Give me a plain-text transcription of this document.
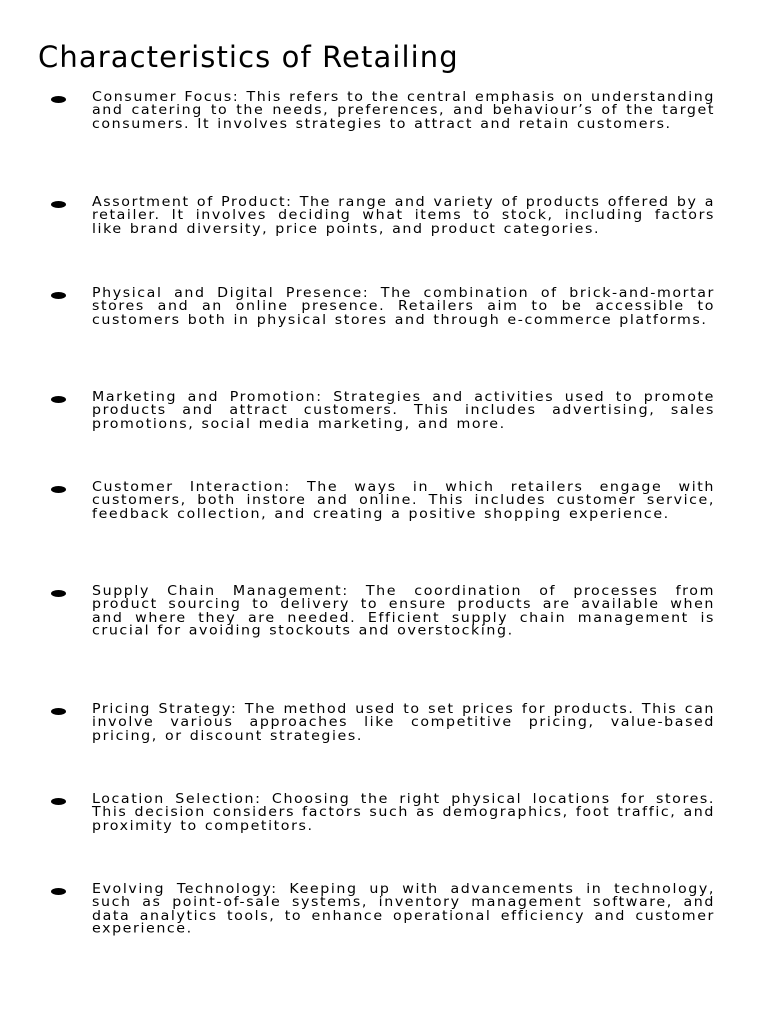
Characteristics of Retailing

Consumer Focus: This refers to the central emphasis on understanding and catering to the needs, preferences, and behaviour’s of the target consumers. It involves strategies to attract and retain customers.

Assortment of Product: The range and variety of products offered by a retailer. It involves deciding what items to stock, including factors like brand diversity, price points, and product categories.

Physical and Digital Presence: The combination of brick-and-mortar stores and an online presence. Retailers aim to be accessible to customers both in physical stores and through e-commerce platforms.

Marketing and Promotion: Strategies and activities used to promote products and attract customers. This includes advertising, sales promotions, social media marketing, and more.

Customer Interaction: The ways in which retailers engage with customers, both instore and online. This includes customer service, feedback collection, and creating a positive shopping experience.

Supply Chain Management: The coordination of processes from product sourcing to delivery to ensure products are available when and where they are needed. Efficient supply chain management is crucial for avoiding stockouts and overstocking.

Pricing Strategy: The method used to set prices for products. This can involve various approaches like competitive pricing, value-based pricing, or discount strategies.

Location Selection: Choosing the right physical locations for stores. This decision considers factors such as demographics, foot traffic, and proximity to competitors.

Evolving Technology: Keeping up with advancements in technology, such as point-of-sale systems, inventory management software, and data analytics tools, to enhance operational efficiency and customer experience.
